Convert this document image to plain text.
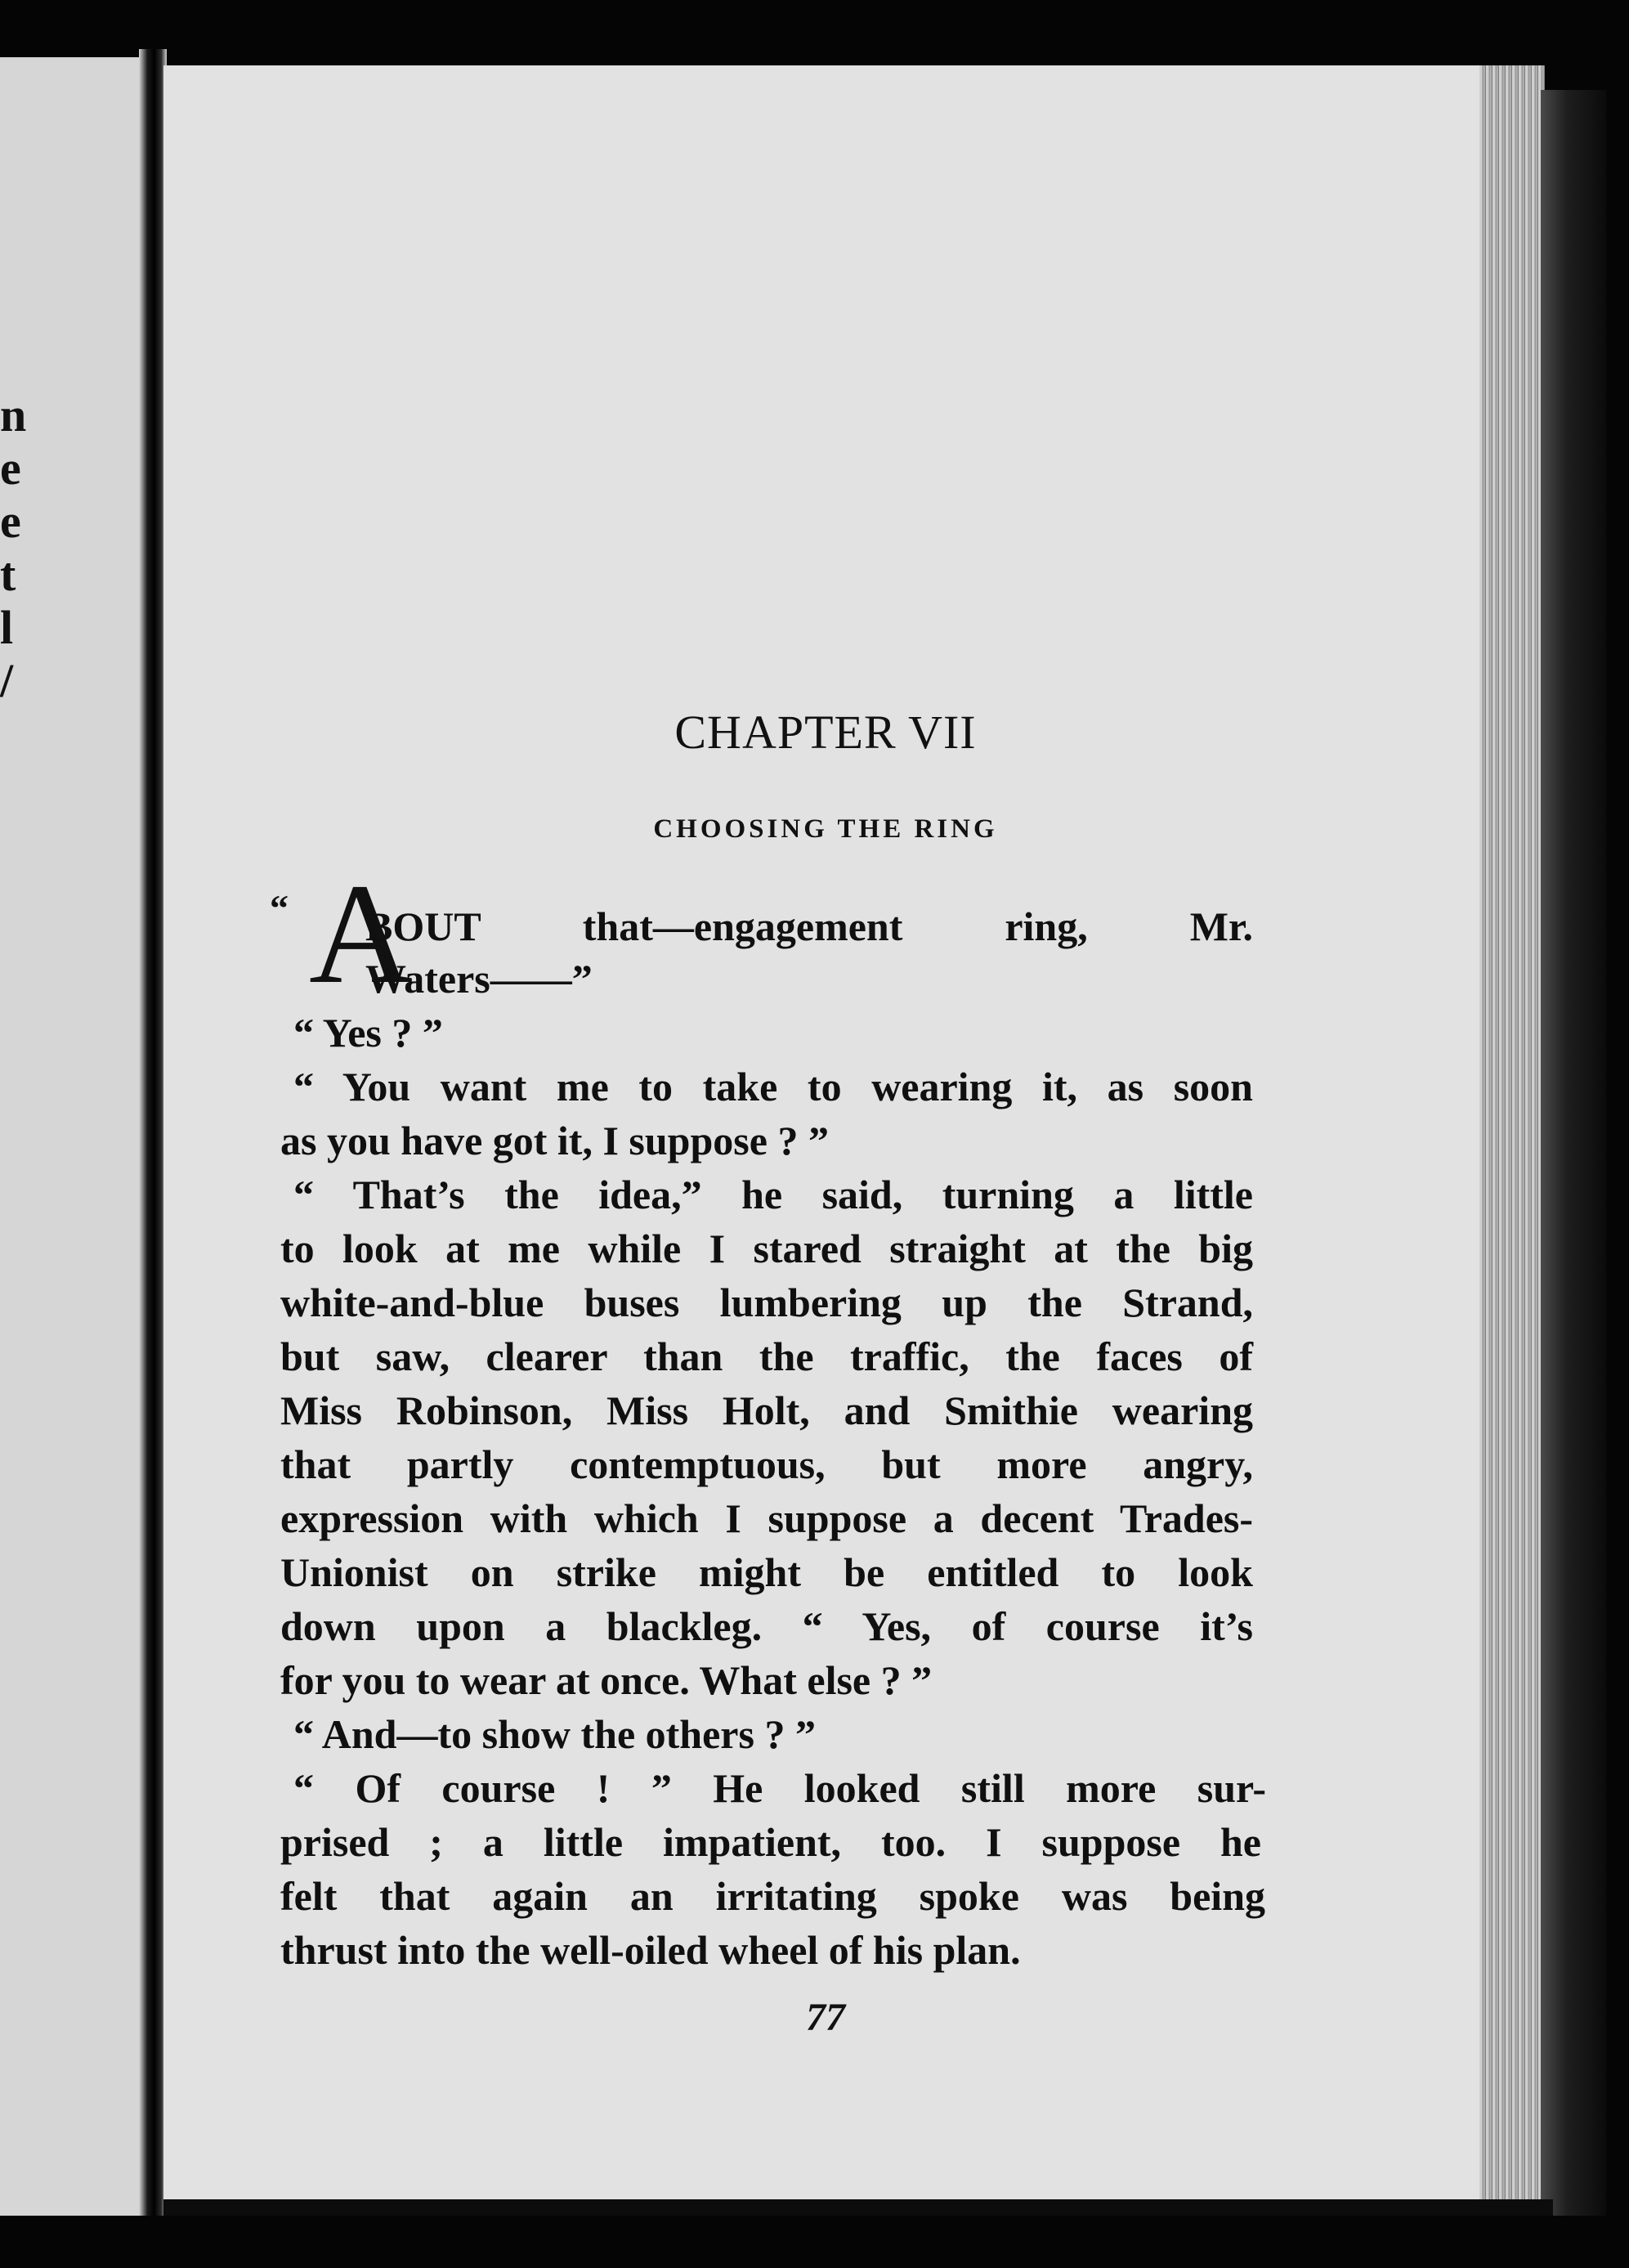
n
e
e
t
l
/
CHAPTER VII
CHOOSING THE RING
“ A
BOUT that—engagement ring, Mr.
Waters——”
“ Yes ? ”
“ You want me to take to wearing it, as soon
as you have got it, I suppose ? ”
“ That’s the idea,” he said, turning a little
to look at me while I stared straight at the big
white-and-blue buses lumbering up the Strand,
but saw, clearer than the traffic, the faces of
Miss Robinson, Miss Holt, and Smithie wearing
that partly contemptuous, but more angry,
expression with which I suppose a decent Trades-
Unionist on strike might be entitled to look
down upon a blackleg. “ Yes, of course it’s
for you to wear at once. What else ? ”
“ And—to show the others ? ”
“ Of course ! ” He looked still more sur-
prised ; a little impatient, too. I suppose he
felt that again an irritating spoke was being
thrust into the well-oiled wheel of his plan.
77
